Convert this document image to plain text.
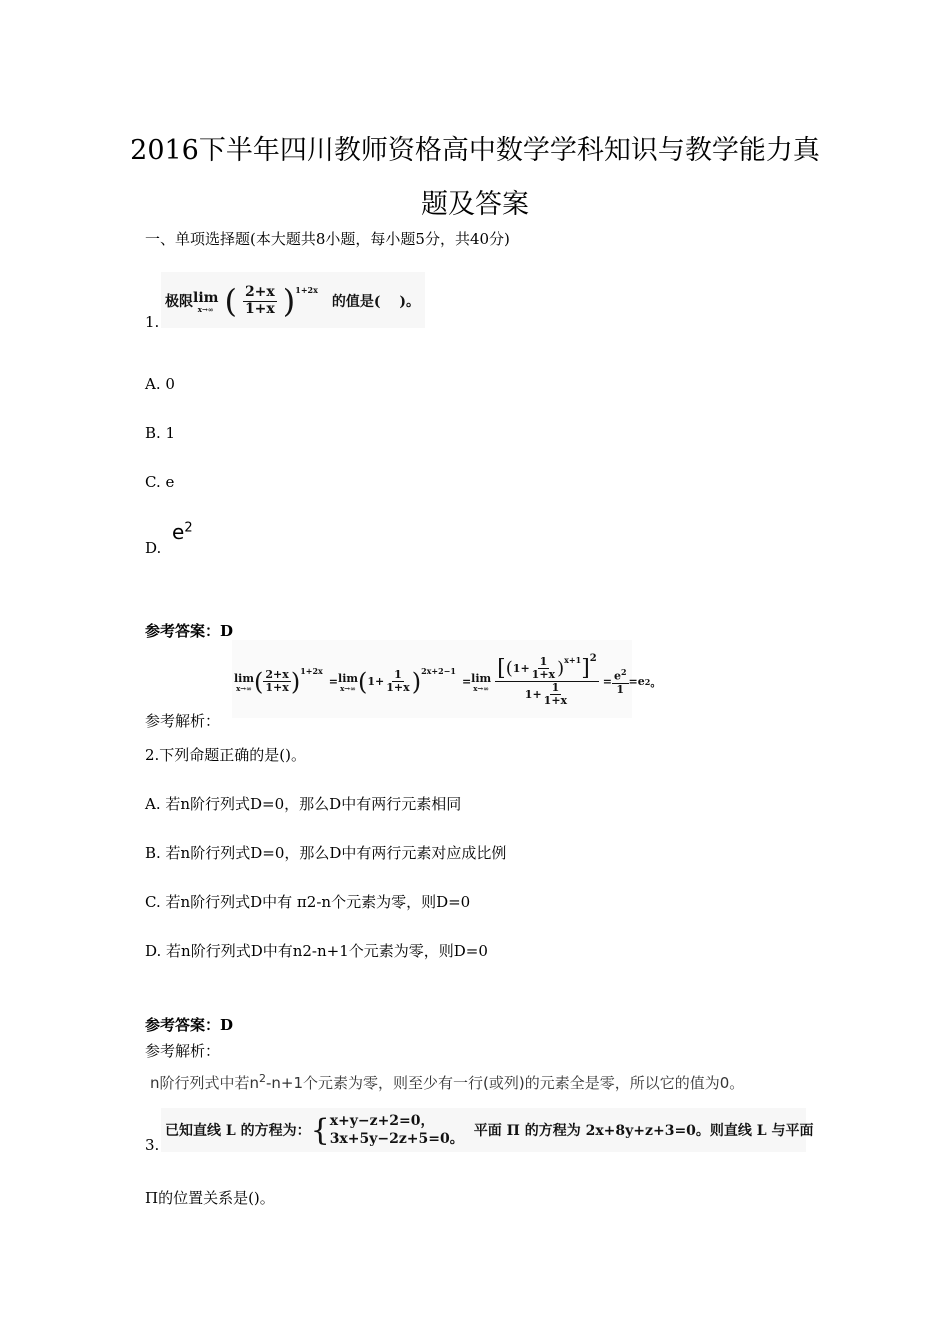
2016下半年四川教师资格高中数学学科知识与教学能力真
题及答案
一、单项选择题(本大题共8小题，每小题5分，共40分)
1.
极限 lim
x→∞ ( $\frac{2+x}{1+x}$ ) 1+2x
的值是(　 )。
A. 0
B. 1
C. e
D.
$e^2$
参考答案：D
lim
x→∞ ( $\frac{2+x}{1+x}$ ) 1+2x
= lim
x→∞ ( $1+ \frac{1}{1+x}$ ) 2x+2−1
= lim
x→∞
[ ( $1+ \frac{1}{1+x}$ ) x+1 ] 2
$1+ \frac{1}{1+x}$
= $\frac{e^2}{1} =e$ 2 。
参考解析：
2.下列命题正确的是()。
A. 若n阶行列式D=0，那么D中有两行元素相同
B. 若n阶行列式D=0，那么D中有两行元素对应成比例
C. 若n阶行列式D中有 π2-n个元素为零，则D=0
D. 若n阶行列式D中有n2-n+1个元素为零，则D=0
参考答案：D
参考解析：
n阶行列式中若$n^2-n+1$个元素为零，则至少有一行(或列)的元素全是零，所以它的值为0。
3.
已知直线 L 的方程为： { x+y−z+2=0，
3x+5y−2z+5=0。 平面 Π 的方程为 2x+8y+z+3=0。则直线 L 与平面
Π的位置关系是()。
